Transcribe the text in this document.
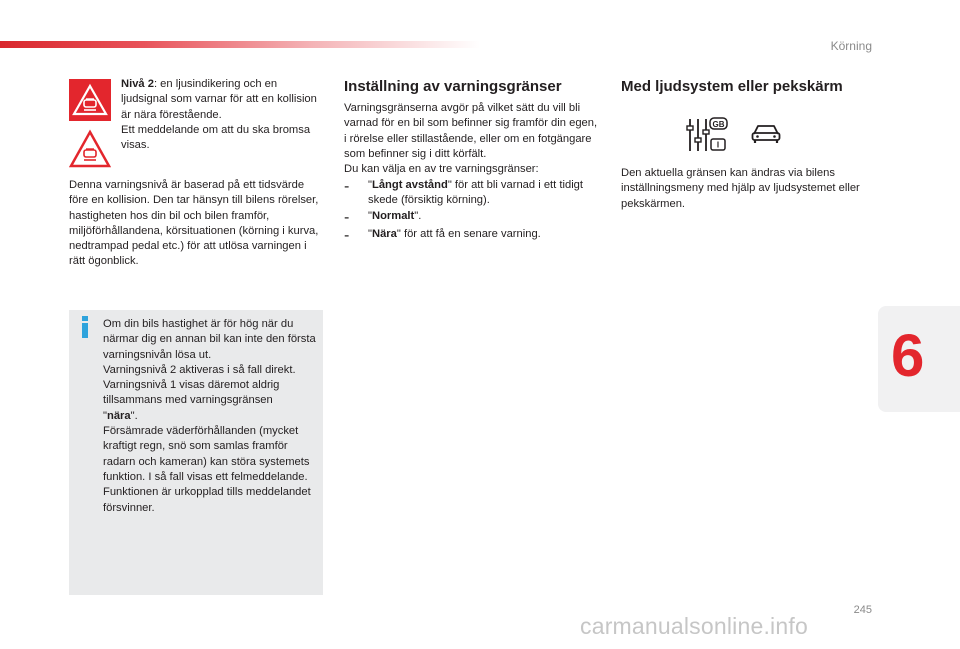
Körning

Nivå 2: en ljusindikering och en ljudsignal som varnar för att en kollision är nära förestående.

Ett meddelande om att du ska bromsa visas.

Denna varningsnivå är baserad på ett tidsvärde före en kollision. Den tar hänsyn till bilens rörelser, hastigheten hos din bil och bilen framför, miljöförhållandena, körsituationen (körning i kurva, nedtrampad pedal etc.) för att utlösa varningen i rätt ögonblick.

Om din bils hastighet är för hög när du närmar dig en annan bil kan inte den första varningsnivån lösa ut.

Varningsnivå 2 aktiveras i så fall direkt. Varningsnivå 1 visas däremot aldrig tillsammans med varningsgränsen
"nära".

Försämrade väderförhållanden (mycket kraftigt regn, snö som samlas framför radarn och kameran) kan störa systemets funktion. I så fall visas ett felmeddelande. Funktionen är urkopplad tills meddelandet försvinner.

Inställning av varningsgränser

Varningsgränserna avgör på vilket sätt du vill bli varnad för en bil som befinner sig framför din egen, i rörelse eller stillastående, eller om en fotgängare som befinner sig i ditt körfält.

Du kan välja en av tre varningsgränser:

-	"Långt avstånd" för att bli varnad i ett tidigt skede (försiktig körning).

-	"Normalt".

-	"Nära" för att få en senare varning.

Med ljudsystem eller pekskärm
GB
I

Den aktuella gränsen kan ändras via bilens inställningsmeny med hjälp av ljudsystemet eller pekskärmen.

6
245
carmanualsonline.info
